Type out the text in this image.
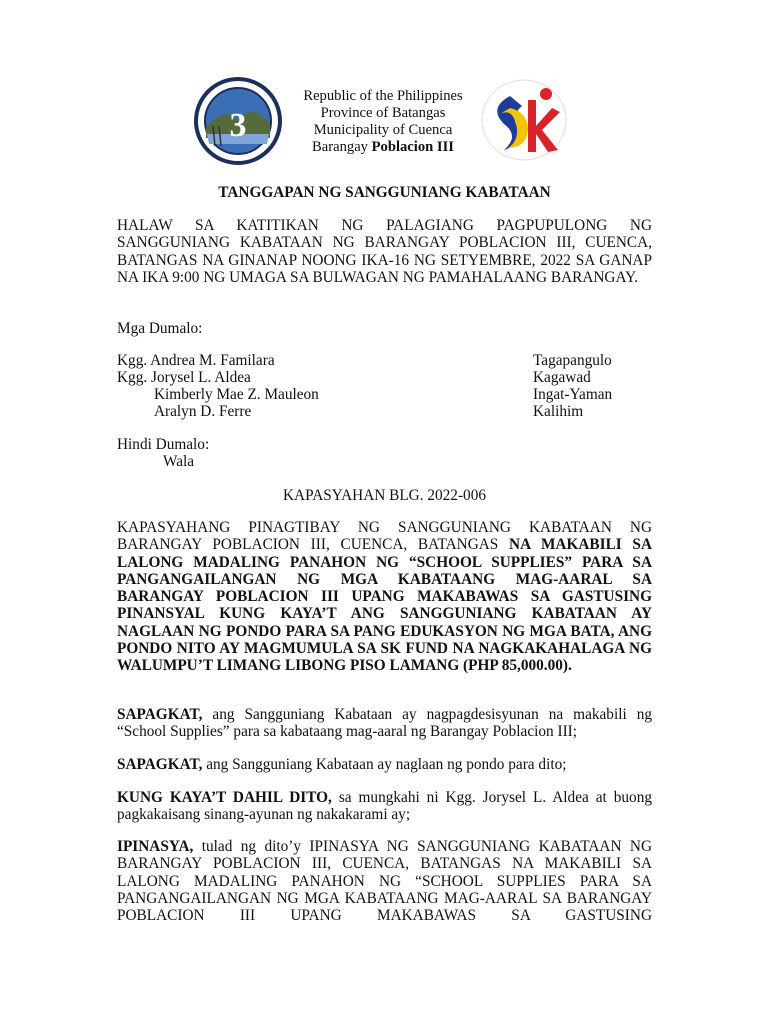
3
Republic of the Philippines
Province of Batangas
Municipality of Cuenca
Barangay Poblacion III
TANGGAPAN NG SANGGUNIANG KABATAAN
HALAW SA KATITIKAN NG PALAGIANG PAGPUPULONG NG SANGGUNIANG KABATAAN NG BARANGAY POBLACION III, CUENCA, BATANGAS NA GINANAP NOONG IKA-16 NG SETYEMBRE, 2022 SA GANAP NA IKA 9:00 NG UMAGA SA BULWAGAN NG PAMAHALAANG BARANGAY.
Mga Dumalo:
Kgg. Andrea M. Familara	Tagapangulo
Kgg. Jorysel L. Aldea	Kagawad
Kimberly Mae Z. Mauleon	Ingat-Yaman
Aralyn D. Ferre	Kalihim
Hindi Dumalo:
Wala
KAPASYAHAN BLG. 2022-006
KAPASYAHANG PINAGTIBAY NG SANGGUNIANG KABATAAN NG BARANGAY POBLACION III, CUENCA, BATANGAS NA MAKABILI SA LALONG MADALING PANAHON NG “SCHOOL SUPPLIES” PARA SA PANGANGAILANGAN NG MGA KABATAANG MAG-AARAL SA BARANGAY POBLACION III UPANG MAKABAWAS SA GASTUSING PINANSYAL KUNG KAYA’T ANG SANGGUNIANG KABATAAN AY NAGLAAN NG PONDO PARA SA PANG EDUKASYON NG MGA BATA, ANG PONDO NITO AY MAGMUMULA SA SK FUND NA NAGKAKAHALAGA NG WALUMPU’T LIMANG LIBONG PISO LAMANG (PHP 85,000.00).
SAPAGKAT, ang Sangguniang Kabataan ay nagpagdesisyunan na makabili ng “School Supplies” para sa kabataang mag-aaral ng Barangay Poblacion III;
SAPAGKAT, ang Sangguniang Kabataan ay naglaan ng pondo para dito;
KUNG KAYA’T DAHIL DITO, sa mungkahi ni Kgg. Jorysel L. Aldea at buong pagkakaisang sinang-ayunan ng nakakarami ay;
IPINASYA, tulad ng dito’y IPINASYA NG SANGGUNIANG KABATAAN NG BARANGAY POBLACION III, CUENCA, BATANGAS NA MAKABILI SA LALONG MADALING PANAHON NG “SCHOOL SUPPLIES PARA SA PANGANGAILANGAN NG MGA KABATAANG MAG-AARAL SA BARANGAY POBLACION III UPANG MAKABAWAS SA GASTUSING
